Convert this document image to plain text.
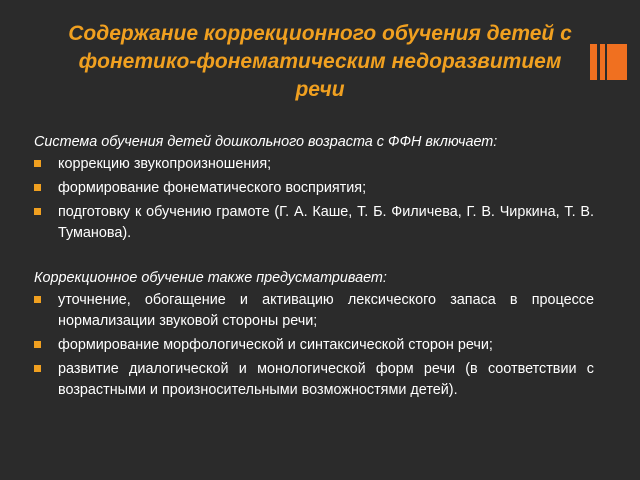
Содержание коррекционного обучения детей с фонетико-фонематическим недоразвитием речи
Система обучения детей дошкольного возраста с ФФН включает:
коррекцию звукопроизношения;
формирование фонематического восприятия;
подготовку к обучению грамоте (Г. А. Каше, Т. Б. Филичева, Г. В. Чиркина, Т. В. Туманова).
Коррекционное обучение также предусматривает:
уточнение, обогащение и активацию лексического запаса в процессе нормализации звуковой стороны речи;
формирование морфологической и синтаксической сторон речи;
развитие диалогической и монологической форм речи (в соответствии с возрастными и произносительными возможностями детей).
